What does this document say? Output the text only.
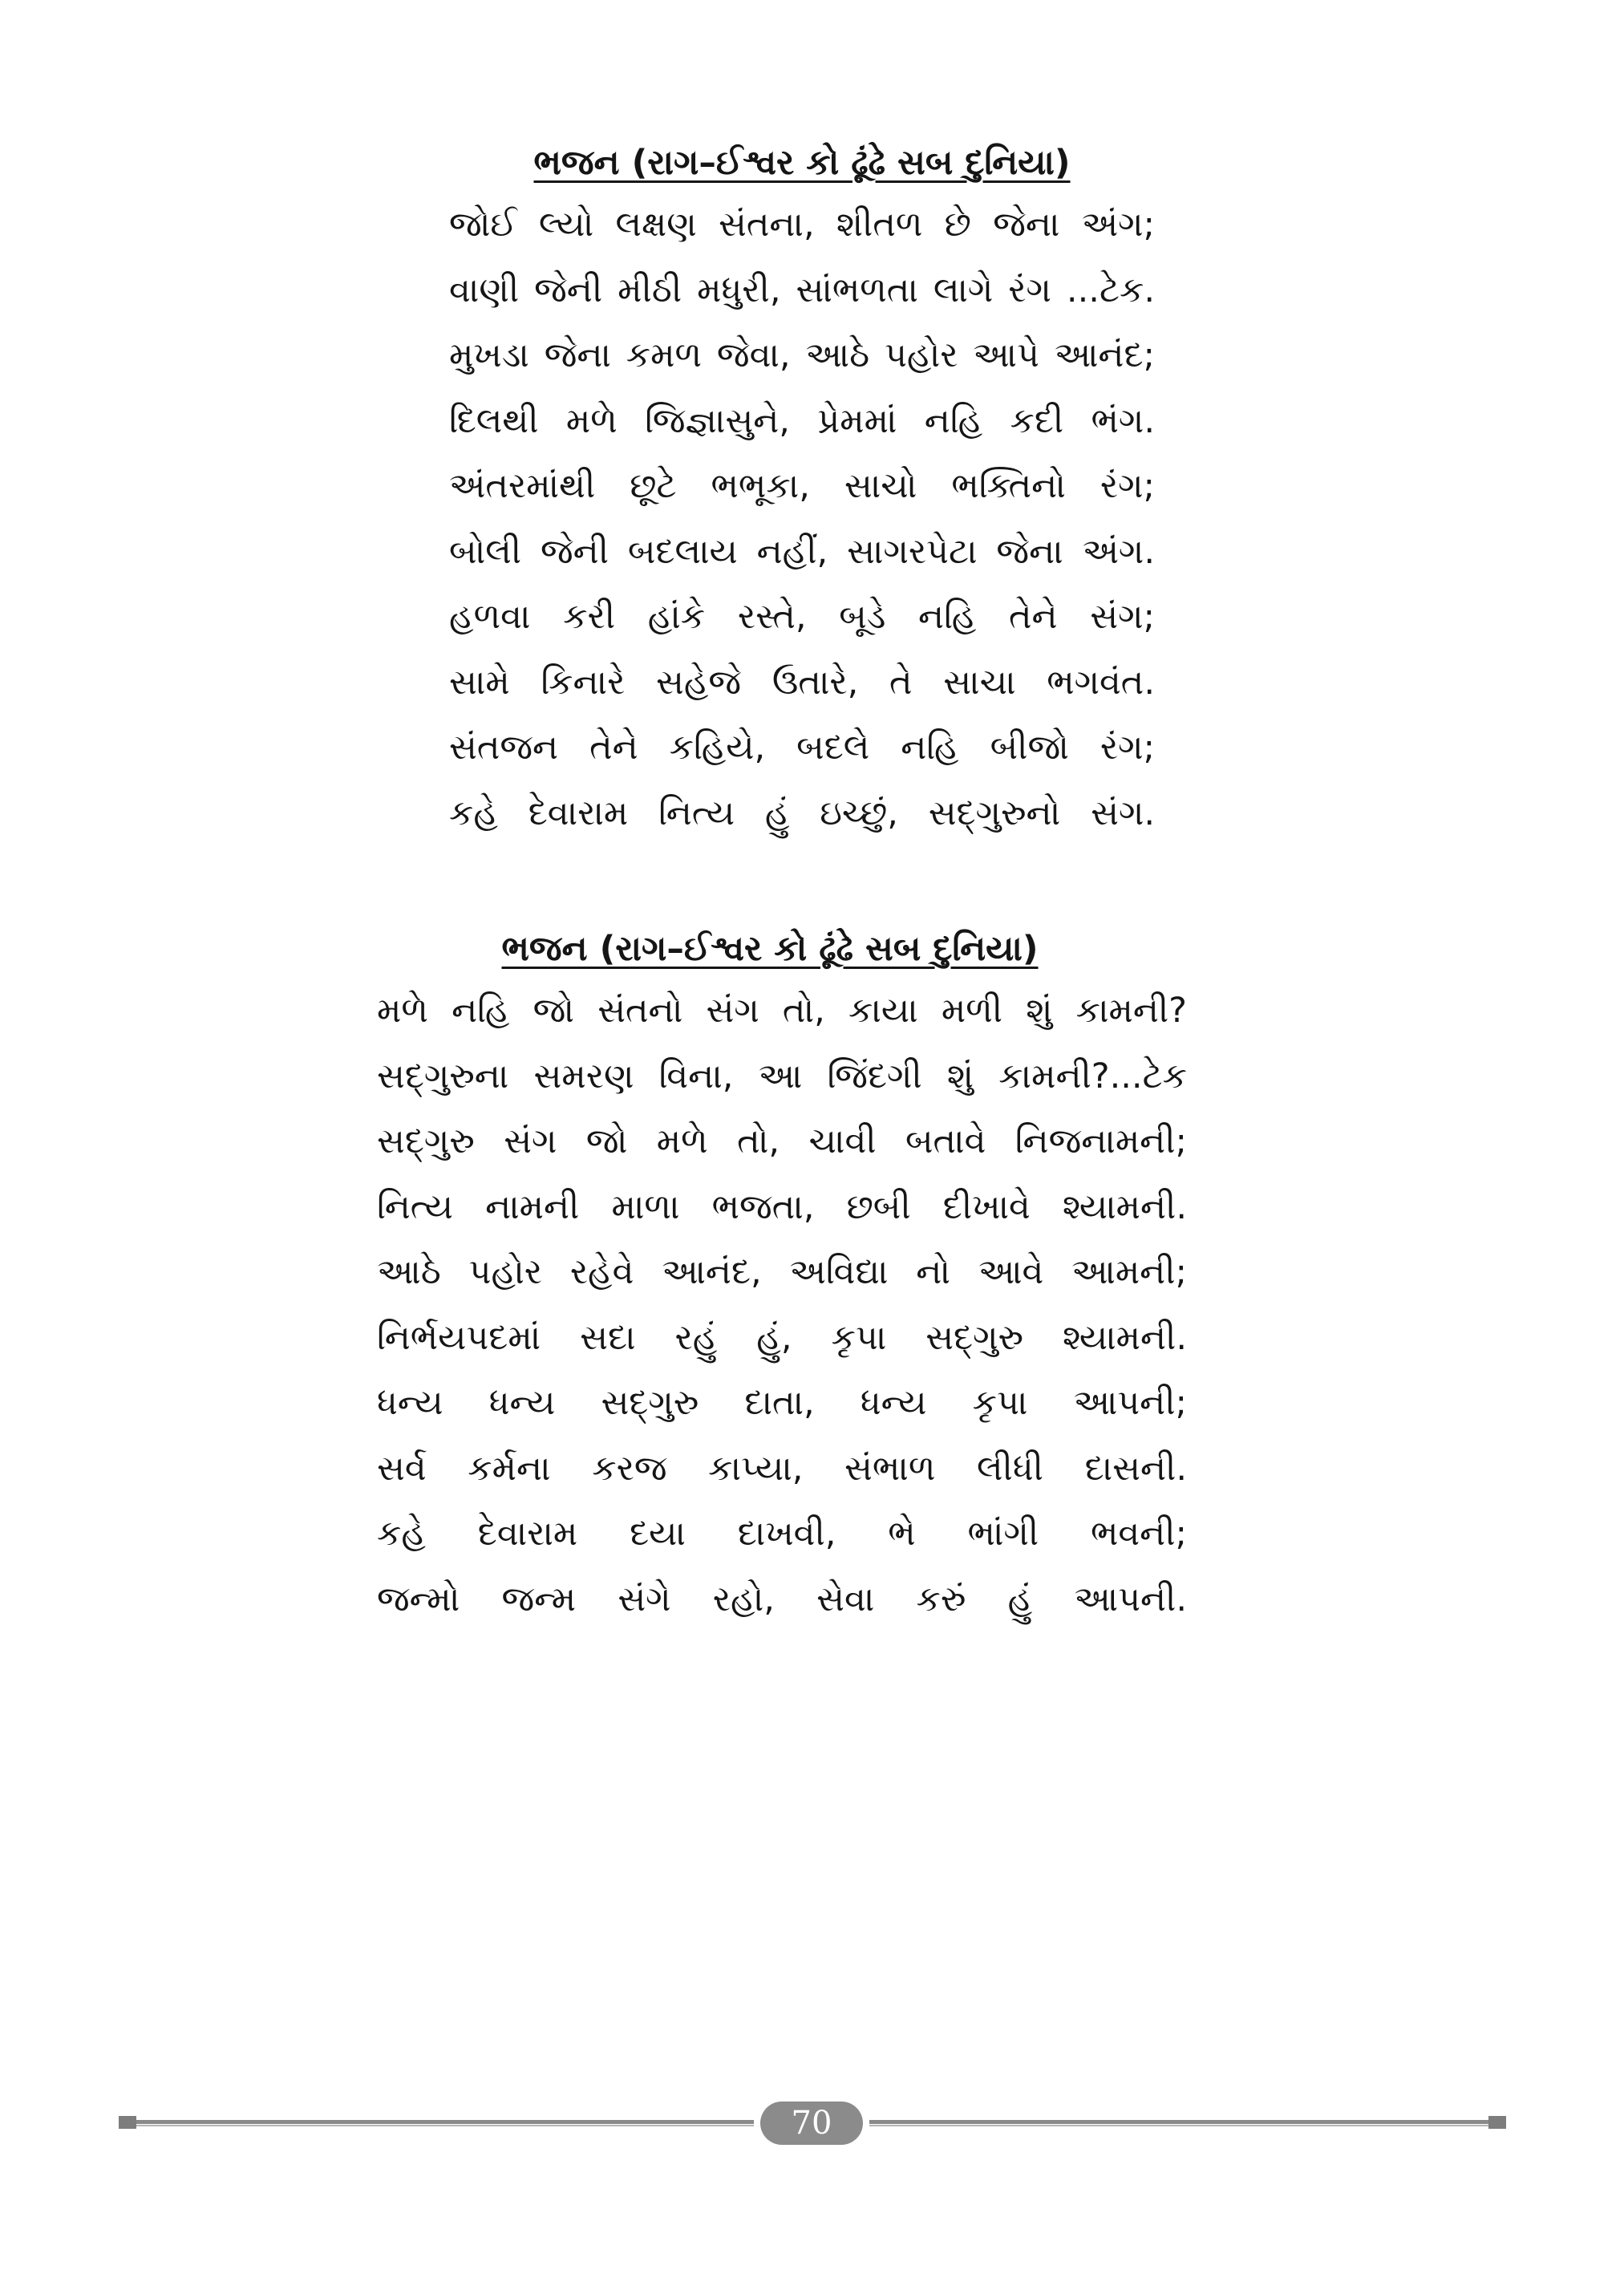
ભજન (રાગ–ઈશ્વર કો ઢૂંઢે સબ દુનિયા)
જોઈ લ્યો લક્ષણ સંતના, શીતળ છે જેના અંગ;
વાણી જેની મીઠી મધુરી, સાંભળતા લાગે રંગ ...ટેક.
મુખડા જેના કમળ જેવા, આઠે પહોર આપે આનંદ;
દિલથી મળે જિજ્ઞાસુને, પ્રેમમાં નહિ કદી ભંગ.
અંતરમાંથી છૂટે ભભૂકા, સાચો ભક્તિનો રંગ;
બોલી જેની બદલાય નહીં, સાગરપેટા જેના અંગ.
હળવા કરી હાંકે રસ્તે, બૂડે નહિ તેને સંગ;
સામે કિનારે સહેજે ઉતારે, તે સાચા ભગવંત.
સંતજન તેને કહિયે, બદલે નહિ બીજો રંગ;
કહે દેવારામ નિત્ય હું ઇચ્છું, સદ્‌ગુરુનો સંગ.
ભજન (રાગ–ઈશ્વર કો ઢૂંઢે સબ દુનિયા)
મળે નહિ જો સંતનો સંગ તો, કાયા મળી શું કામની?
સદ્‌ગુરુના સમરણ વિના, આ જિંદગી શું કામની?...ટેક
સદ્‌ગુરુ સંગ જો મળે તો, ચાવી બતાવે નિજનામની;
નિત્ય નામની માળા ભજતા, છબી દીખાવે શ્યામની.
આઠે પહોર રહેવે આનંદ, અવિદ્યા નો આવે આમની;
નિર્ભયપદમાં સદા રહું હું, કૃપા સદ્‌ગુરુ શ્યામની.
ધન્ય ધન્ય સદ્‌ગુરુ દાતા, ધન્ય કૃપા આપની;
સર્વ કર્મના કરજ કાપ્યા, સંભાળ લીધી દાસની.
કહે દેવારામ દયા દાખવી, ભે ભાંગી ભવની;
જન્મો જન્મ સંગે રહો, સેવા કરું હું આપની.
70
